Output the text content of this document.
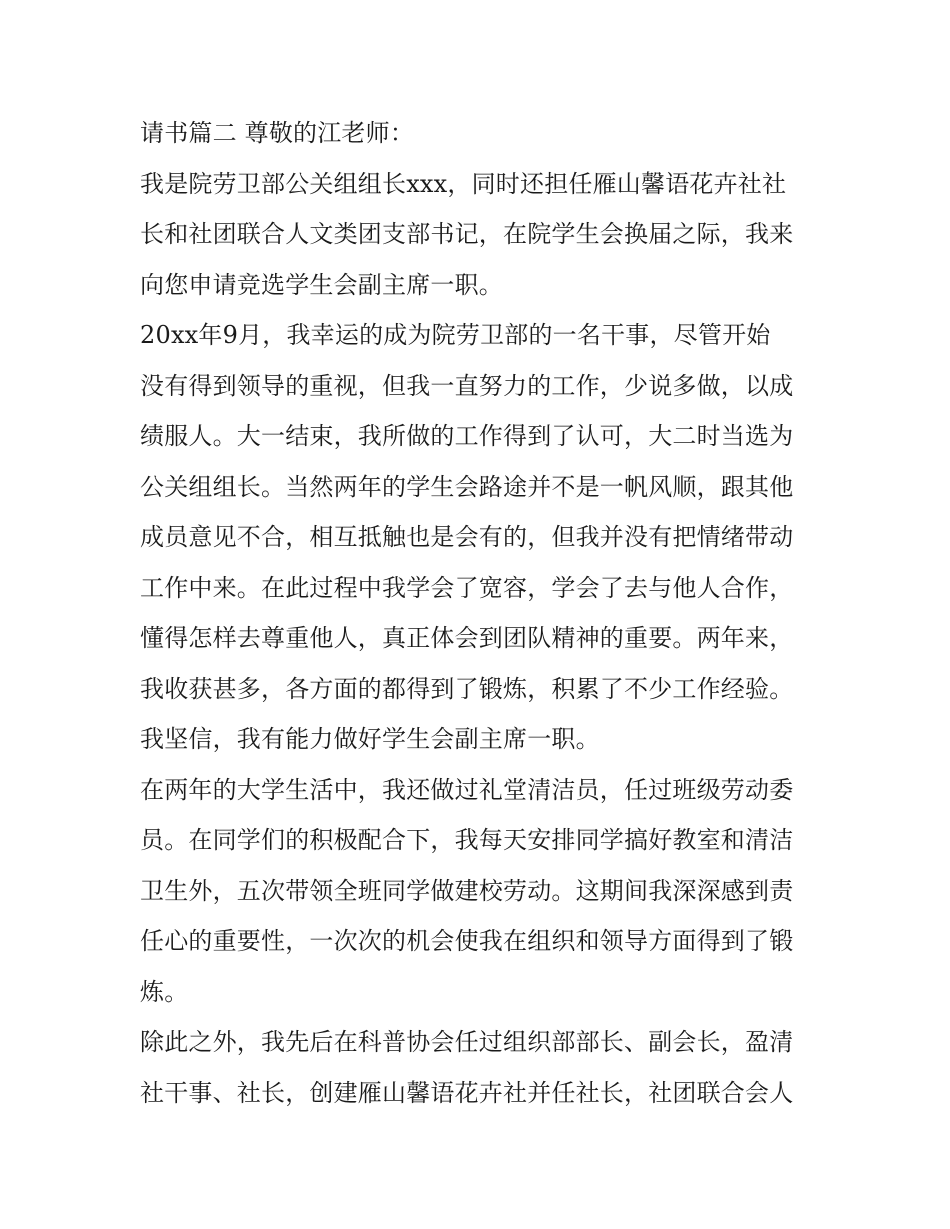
请书篇二 尊敬的江老师：
我是院劳卫部公关组组长xxx，同时还担任雁山馨语花卉社社
长和社团联合人文类团支部书记，在院学生会换届之际，我来
向您申请竞选学生会副主席一职。
20xx年9月，我幸运的成为院劳卫部的一名干事，尽管开始
没有得到领导的重视，但我一直努力的工作，少说多做，以成
绩服人。大一结束，我所做的工作得到了认可，大二时当选为
公关组组长。当然两年的学生会路途并不是一帆风顺，跟其他
成员意见不合，相互抵触也是会有的，但我并没有把情绪带动
工作中来。在此过程中我学会了宽容，学会了去与他人合作，
懂得怎样去尊重他人，真正体会到团队精神的重要。两年来，
我收获甚多，各方面的都得到了锻炼，积累了不少工作经验。
我坚信，我有能力做好学生会副主席一职。
在两年的大学生活中，我还做过礼堂清洁员，任过班级劳动委
员。在同学们的积极配合下，我每天安排同学搞好教室和清洁
卫生外，五次带领全班同学做建校劳动。这期间我深深感到责
任心的重要性，一次次的机会使我在组织和领导方面得到了锻
炼。
除此之外，我先后在科普协会任过组织部部长、副会长，盈清
社干事、社长，创建雁山馨语花卉社并任社长，社团联合会人
